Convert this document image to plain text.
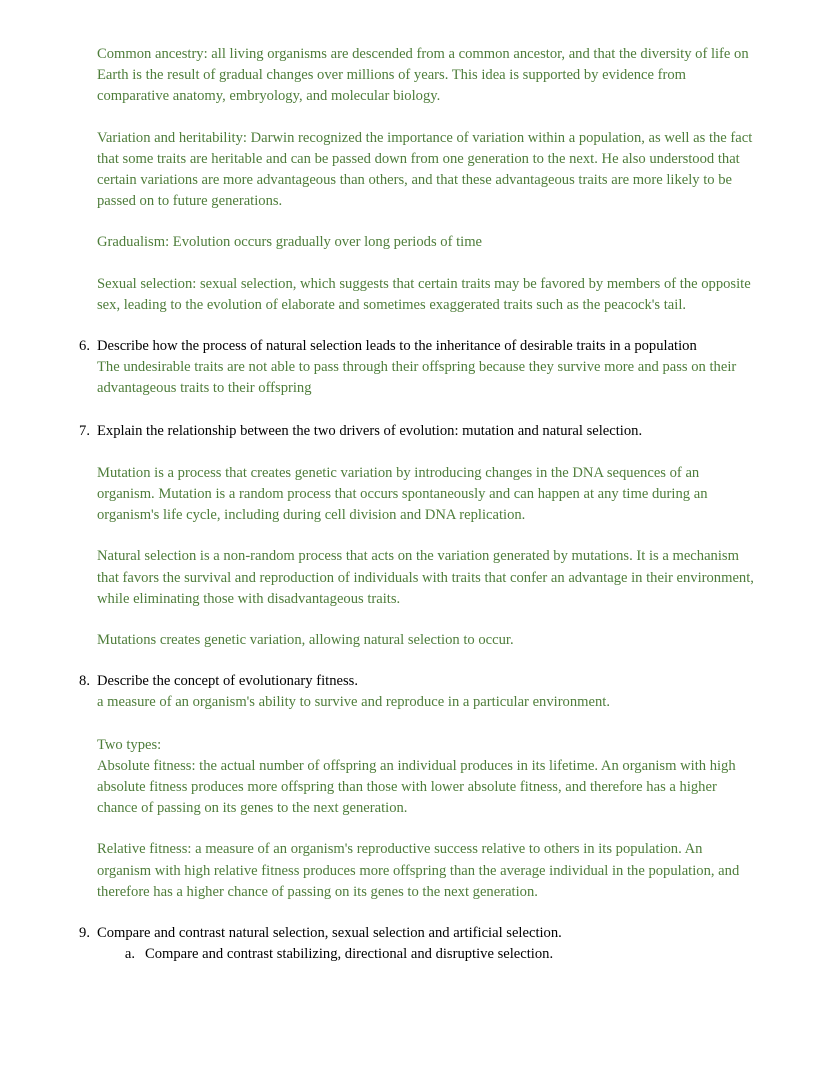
Common ancestry: all living organisms are descended from a common ancestor, and that the diversity of life on Earth is the result of gradual changes over millions of years. This idea is supported by evidence from comparative anatomy, embryology, and molecular biology.

Variation and heritability: Darwin recognized the importance of variation within a population, as well as the fact that some traits are heritable and can be passed down from one generation to the next. He also understood that certain variations are more advantageous than others, and that these advantageous traits are more likely to be passed on to future generations.

Gradualism: Evolution occurs gradually over long periods of time

Sexual selection: sexual selection, which suggests that certain traits may be favored by members of the opposite sex, leading to the evolution of elaborate and sometimes exaggerated traits such as the peacock's tail.

6. Describe how the process of natural selection leads to the inheritance of desirable traits in a population

The undesirable traits are not able to pass through their offspring because they survive more and pass on their advantageous traits to their offspring

7. Explain the relationship between the two drivers of evolution: mutation and natural selection.

Mutation is a process that creates genetic variation by introducing changes in the DNA sequences of an organism. Mutation is a random process that occurs spontaneously and can happen at any time during an organism's life cycle, including during cell division and DNA replication.

Natural selection is a non-random process that acts on the variation generated by mutations. It is a mechanism that favors the survival and reproduction of individuals with traits that confer an advantage in their environment, while eliminating those with disadvantageous traits.

Mutations creates genetic variation, allowing natural selection to occur.

8. Describe the concept of evolutionary fitness.

a measure of an organism's ability to survive and reproduce in a particular environment.

Two types:

Absolute fitness: the actual number of offspring an individual produces in its lifetime. An organism with high absolute fitness produces more offspring than those with lower absolute fitness, and therefore has a higher chance of passing on its genes to the next generation.

Relative fitness: a measure of an organism's reproductive success relative to others in its population. An organism with high relative fitness produces more offspring than the average individual in the population, and therefore has a higher chance of passing on its genes to the next generation.

9. Compare and contrast natural selection, sexual selection and artificial selection.

a. Compare and contrast stabilizing, directional and disruptive selection.
